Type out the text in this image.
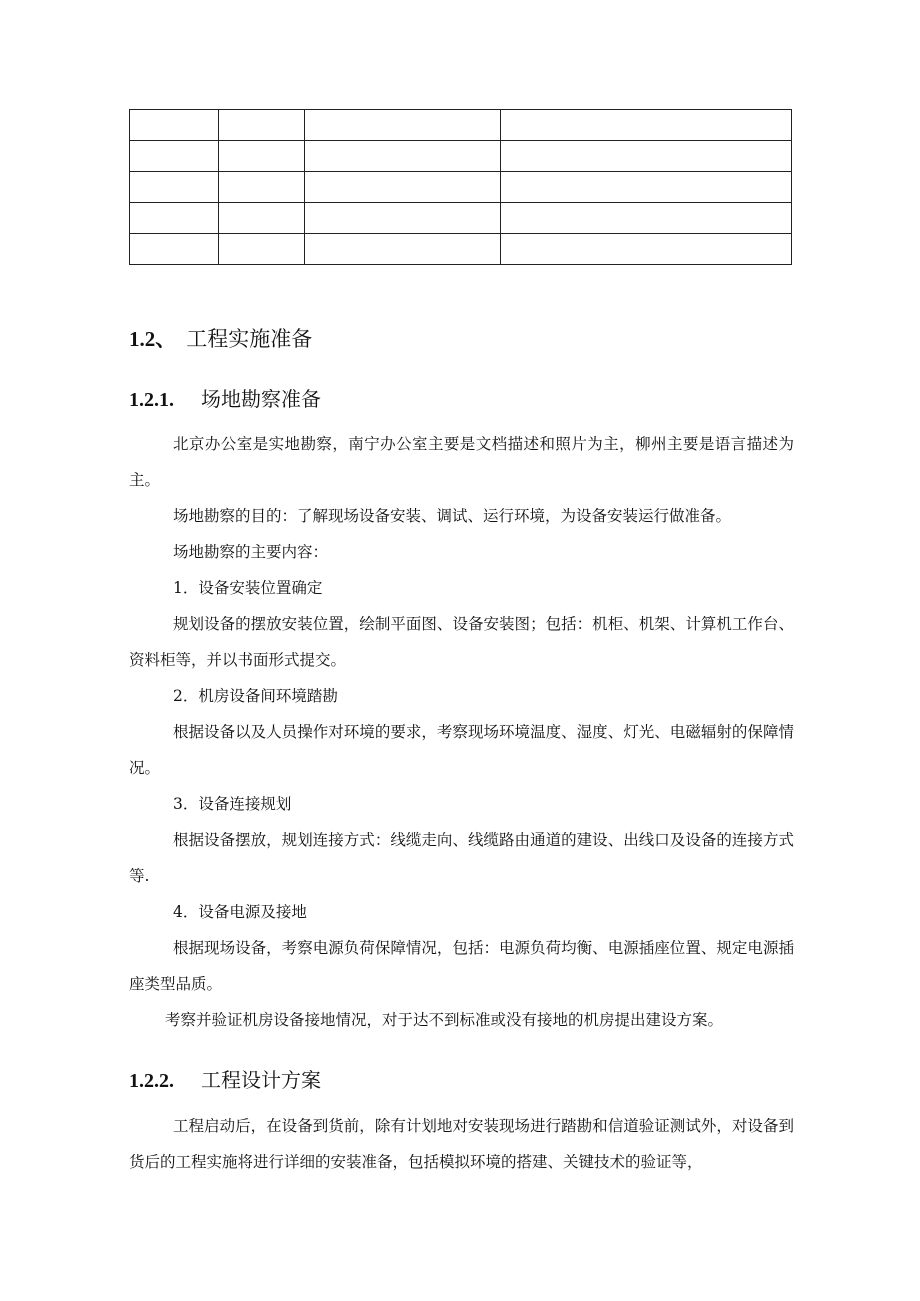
1.2、 工程实施准备
1.2.1. 场地勘察准备
北京办公室是实地勘察，南宁办公室主要是文档描述和照片为主，柳州主要是语言描述为主。
场地勘察的目的：了解现场设备安装、调试、运行环境，为设备安装运行做准备。
场地勘察的主要内容：
1．设备安装位置确定
规划设备的摆放安装位置，绘制平面图、设备安装图；包括：机柜、机架、计算机工作台、资料柜等，并以书面形式提交。
2．机房设备间环境踏勘
根据设备以及人员操作对环境的要求，考察现场环境温度、湿度、灯光、电磁辐射的保障情况。
3．设备连接规划
根据设备摆放，规划连接方式：线缆走向、线缆路由通道的建设、出线口及设备的连接方式等.
4．设备电源及接地
根据现场设备，考察电源负荷保障情况，包括：电源负荷均衡、电源插座位置、规定电源插座类型品质。
考察并验证机房设备接地情况，对于达不到标准或没有接地的机房提出建设方案。
1.2.2. 工程设计方案
工程启动后，在设备到货前，除有计划地对安装现场进行踏勘和信道验证测试外，对设备到货后的工程实施将进行详细的安装准备，包括模拟环境的搭建、关键技术的验证等，
